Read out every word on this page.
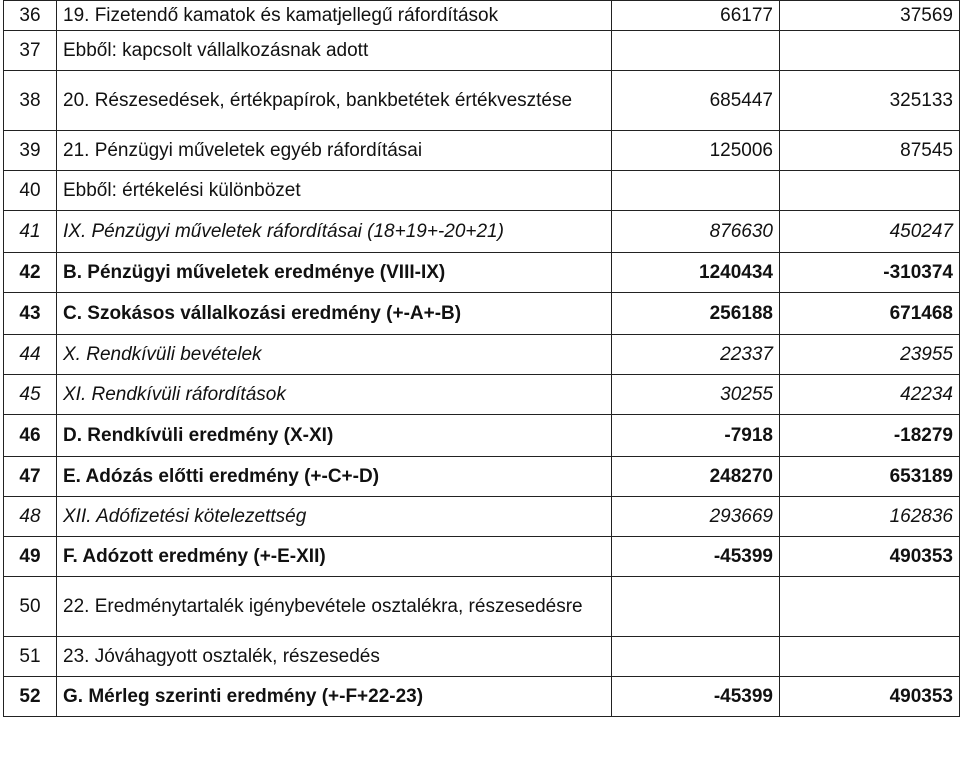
36	19. Fizetendő kamatok és kamatjellegű ráfordítások	66177	37569
37	Ebből: kapcsolt vállalkozásnak adott		
38	20. Részesedések, értékpapírok, bankbetétek értékvesztése	685447	325133
39	21. Pénzügyi műveletek egyéb ráfordításai	125006	87545
40	Ebből: értékelési különbözet		
41	IX. Pénzügyi műveletek ráfordításai (18+19+-20+21)	876630	450247
42	B. Pénzügyi műveletek eredménye (VIII-IX)	1240434	-310374
43	C. Szokásos vállalkozási eredmény (+-A+-B)	256188	671468
44	X. Rendkívüli bevételek	22337	23955
45	XI. Rendkívüli ráfordítások	30255	42234
46	D. Rendkívüli eredmény (X-XI)	-7918	-18279
47	E. Adózás előtti eredmény (+-C+-D)	248270	653189
48	XII. Adófizetési kötelezettség	293669	162836
49	F. Adózott eredmény (+-E-XII)	-45399	490353
50	22. Eredménytartalék igénybevétele osztalékra, részesedésre		
51	23. Jóváhagyott osztalék, részesedés		
52	G. Mérleg szerinti eredmény (+-F+22-23)	-45399	490353
